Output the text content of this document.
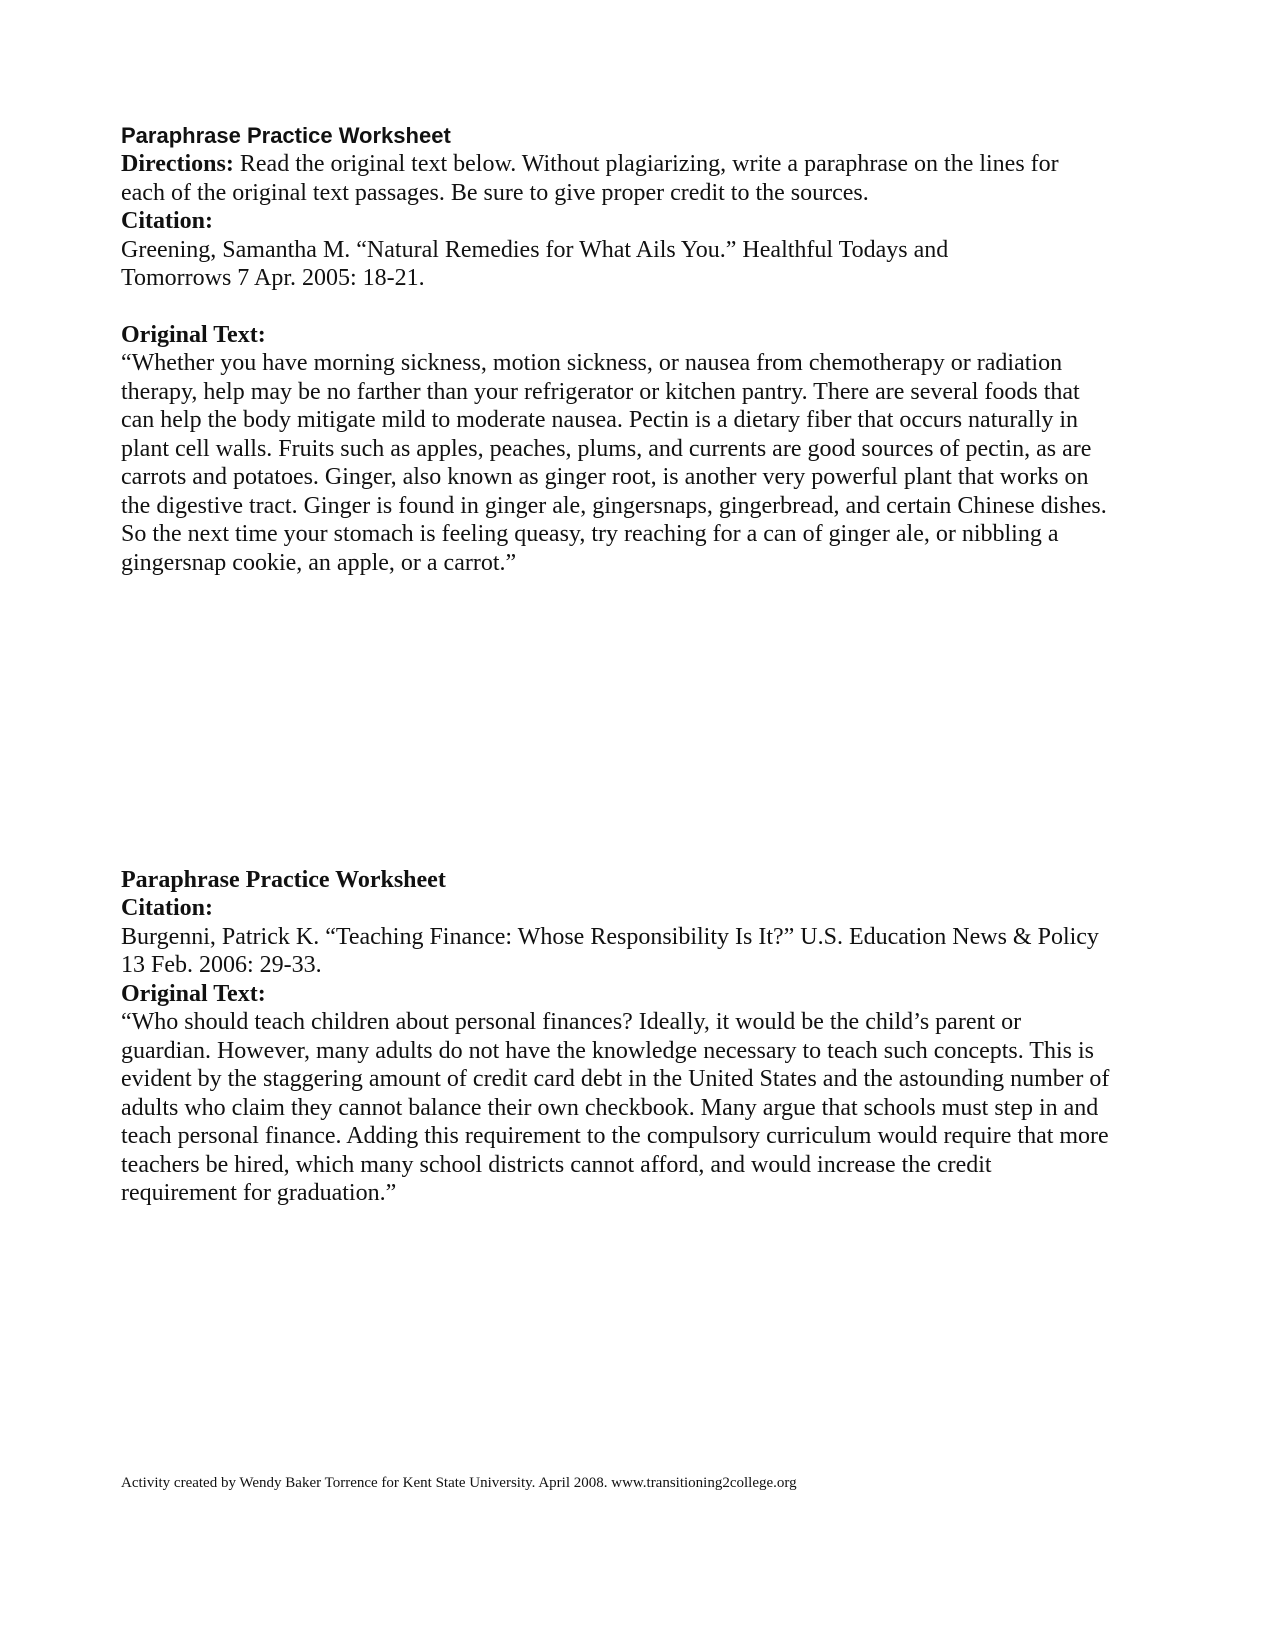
Paraphrase Practice Worksheet

Directions: Read the original text below. Without plagiarizing, write a paraphrase on the lines for

each of the original text passages. Be sure to give proper credit to the sources.

Citation:

Greening, Samantha M. “Natural Remedies for What Ails You.” Healthful Todays and
Tomorrows 7 Apr. 2005: 18-21.

Original Text:

“Whether you have morning sickness, motion sickness, or nausea from chemotherapy or radiation
therapy, help may be no farther than your refrigerator or kitchen pantry. There are several foods that
can help the body mitigate mild to moderate nausea. Pectin is a dietary fiber that occurs naturally in
plant cell walls. Fruits such as apples, peaches, plums, and currents are good sources of pectin, as are
carrots and potatoes. Ginger, also known as ginger root, is another very powerful plant that works on
the digestive tract. Ginger is found in ginger ale, gingersnaps, gingerbread, and certain Chinese dishes.
So the next time your stomach is feeling queasy, try reaching for a can of ginger ale, or nibbling a
gingersnap cookie, an apple, or a carrot.”

Paraphrase Practice Worksheet

Citation:

Burgenni, Patrick K. “Teaching Finance: Whose Responsibility Is It?” U.S. Education News & Policy
13 Feb. 2006: 29-33.

Original Text:

“Who should teach children about personal finances? Ideally, it would be the child’s parent or
guardian. However, many adults do not have the knowledge necessary to teach such concepts. This is
evident by the staggering amount of credit card debt in the United States and the astounding number of
adults who claim they cannot balance their own checkbook. Many argue that schools must step in and
teach personal finance. Adding this requirement to the compulsory curriculum would require that more
teachers be hired, which many school districts cannot afford, and would increase the credit
requirement for graduation.”

Activity created by Wendy Baker Torrence for Kent State University. April 2008. www.transitioning2college.org
